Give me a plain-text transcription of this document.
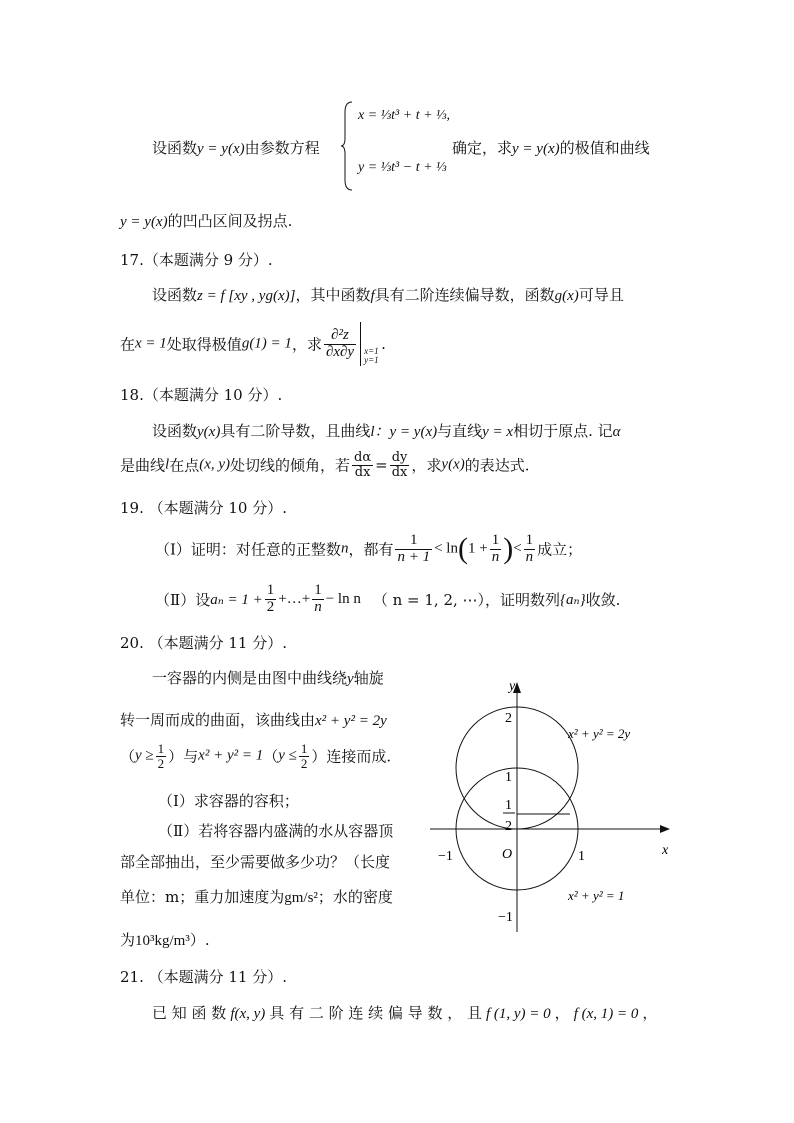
设函数y = y(x)由参数方程
x = ⅓t³ + t + ⅓,
y = ⅓t³ − t + ⅓
确定，求y = y(x)的极值和曲线
y = y(x)的凹凸区间及拐点.
17.（本题满分 9 分）.
设函数z = f [xy , yg(x)]，其中函数f具有二阶连续偏导数，函数g(x)可导且
在x = 1处取得极值g(1) = 1，求 $\frac{\text{∂²z}}{\partial x\partial y} x=1$
y=1
.
18.（本题满分 10 分）.
设函数y(x)具有二阶导数，且曲线l：y = y(x)与直线y = x相切于原点. 记α
是曲线l在点(x, y)处切线的倾角，若 $\frac{d\alpha}{dx} = \frac{dy}{dx}$ ，求y(x)的表达式.
19. （本题满分 10 分）.
（Ⅰ）证明：对任意的正整数n，都有 $\frac{1}{n + 1} < \ln(1 + \frac{1}{n}$ )< $\frac{1}{n}$ 成立；
（Ⅱ）设$a_n = 1 + \frac{1}{2}$ +…+ $\frac{1}{n} - \ln n$ （ n = 1, 2, ⋯），证明数列{aₙ}收敛.
20. （本题满分 11 分）.
一容器的内侧是由图中曲线绕y轴旋
转一周而成的曲面，该曲线由x² + y² = 2y
（$y \ge \frac{1}{2}$ ）与$x^2 + y^2 = 1(y \le \frac{1}{2}$ ）连接而成.
（Ⅰ）求容器的容积；
（Ⅱ）若将容器内盛满的水从容器顶
部全部抽出，至少需要做多少功？（长度
单位：m；重力加速度为gm/s²；水的密度
为10³kg/m³）.
y
x
O
2
1
1
2
−1	1
−1
x² + y² = 2y
x² + y² = 1
21. （本题满分 11 分）.
已 知 函 数 f(x, y) 具 有 二 阶 连 续 偏 导 数 ， 且 f (1, y) = 0 ， f (x, 1) = 0 ，
